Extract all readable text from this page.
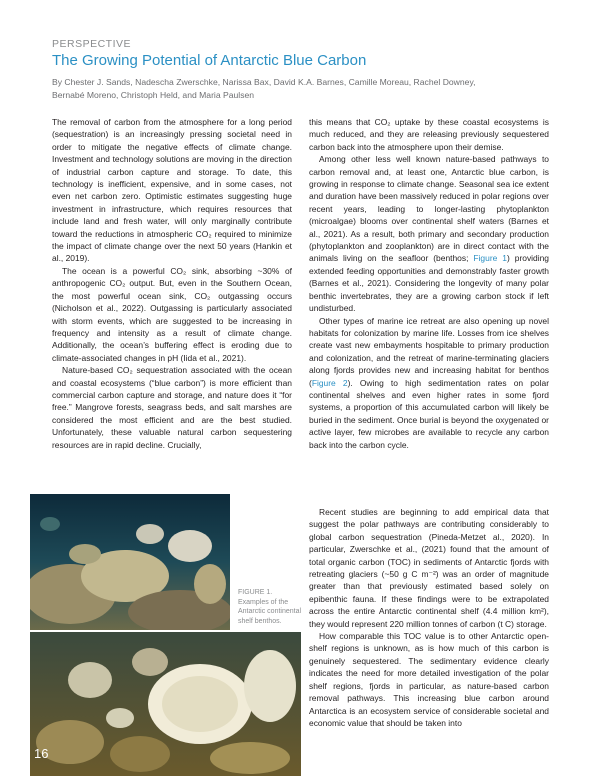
PERSPECTIVE
The Growing Potential of Antarctic Blue Carbon
By Chester J. Sands, Nadescha Zwerschke, Narissa Bax, David K.A. Barnes, Camille Moreau, Rachel Downey,
Bernabé Moreno, Christoph Held, and Maria Paulsen

The removal of carbon from the atmosphere for a long period (sequestration) is an increasingly pressing societal need in order to mitigate the negative effects of climate change. Investment and technology solutions are moving in the direction of industrial carbon capture and storage. To date, this technology is inefficient, expensive, and in some cases, not even net carbon zero. Optimistic estimates suggesting huge investment in infrastructure, which requires resources that include land and fresh water, will only marginally contribute toward the reductions in atmospheric CO₂ required to minimize the impact of climate change over the next 50 years (Hankin et al., 2019).

The ocean is a powerful CO₂ sink, absorbing ~30% of anthropogenic CO₂ output. But, even in the Southern Ocean, the most powerful ocean sink, CO₂ outgassing occurs (Nicholson et al., 2022). Outgassing is particularly associated with storm events, which are suggested to be increasing in frequency and intensity as a result of climate change. Additionally, the ocean’s buffering effect is eroding due to climate-associated changes in pH (Iida et al., 2021).

Nature-based CO₂ sequestration associated with the ocean and coastal ecosystems (“blue carbon”) is more efficient than commercial carbon capture and storage, and nature does it “for free.” Mangrove forests, seagrass beds, and salt marshes are considered the most efficient and are the best studied. Unfortunately, these valuable natural carbon sequestering resources are in rapid decline. Crucially,

this means that CO₂ uptake by these coastal ecosystems is much reduced, and they are releasing previously sequestered carbon back into the atmosphere upon their demise.

Among other less well known nature-based pathways to carbon removal and, at least one, Antarctic blue carbon, is growing in response to climate change. Seasonal sea ice extent and duration have been massively reduced in polar regions over recent years, leading to longer-lasting phytoplankton (microalgae) blooms over continental shelf waters (Barnes et al., 2021). As a result, both primary and secondary production (phytoplankton and zooplankton) are in direct contact with the animals living on the seafloor (benthos; Figure 1) providing extended feeding opportunities and demonstrably faster growth (Barnes et al., 2021). Considering the longevity of many polar benthic invertebrates, they are a growing carbon stock if left undisturbed.

Other types of marine ice retreat are also opening up novel habitats for colonization by marine life. Losses from ice shelves create vast new embayments hospitable to primary production and colonization, and the retreat of marine-terminating glaciers along fjords provides new and increasing habitat for benthos (Figure 2). Owing to high sedimentation rates on polar continental shelves and even higher rates in some fjord systems, a proportion of this accumulated carbon will likely be buried in the sediment. Once burial is beyond the oxygenated or active layer, few microbes are available to recycle any carbon back into the carbon cycle.

Recent studies are beginning to add empirical data that suggest the polar pathways are contributing considerably to global carbon sequestration (Pineda-Metzet al., 2020). In particular, Zwerschke et al., (2021) found that the amount of total organic carbon (TOC) in sediments of Antarctic fjords with retreating glaciers (~50 g C m⁻²) was an order of magnitude greater than that previously estimated based solely on epibenthic fauna. If these findings were to be extrapolated across the entire Antarctic continental shelf (4.4 million km²), they would represent 220 million tonnes of carbon (t C) storage.

How comparable this TOC value is to other Antarctic open-shelf regions is unknown, as is how much of this carbon is genuinely sequestered. The sedimentary evidence clearly indicates the need for more detailed investigation of the polar shelf regions, fjords in particular, as nature-based carbon removal pathways. This increasing blue carbon around Antarctica is an ecosystem service of considerable societal and economic value that should be taken into

FIGURE 1. Examples of the Antarctic continental shelf benthos.
16
